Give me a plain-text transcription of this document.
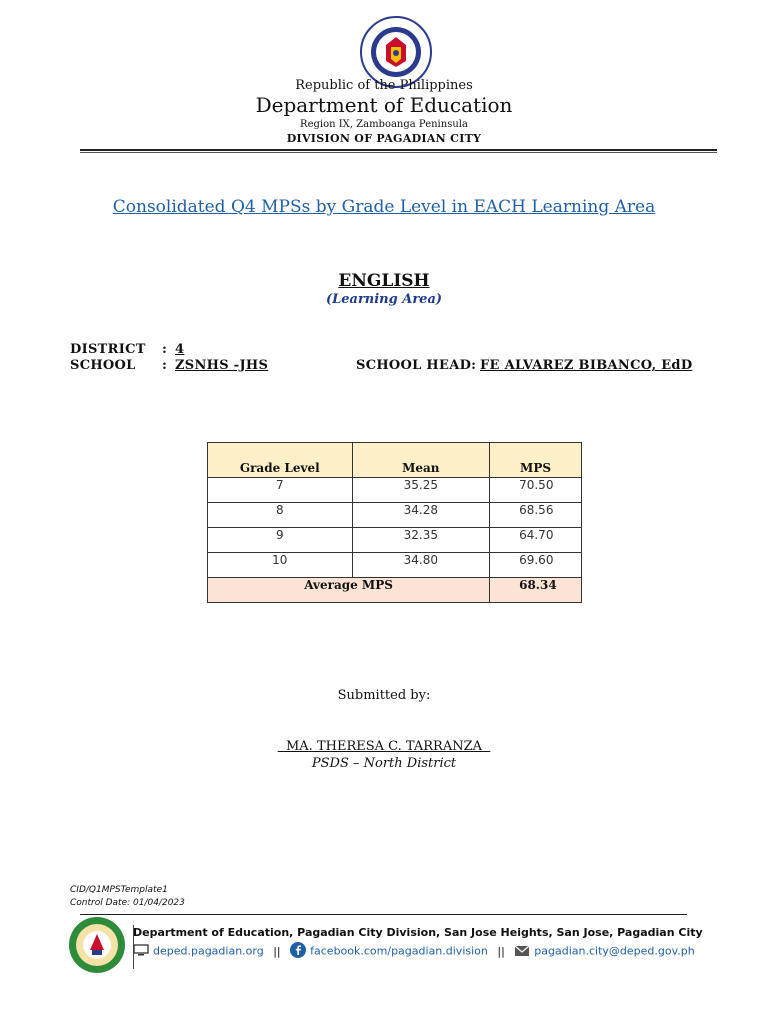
Republic of the Philippines
Department of Education
Region IX, Zamboanga Peninsula
DIVISION OF PAGADIAN CITY
Consolidated Q4 MPSs by Grade Level in EACH Learning Area
ENGLISH
(Learning Area)
DISTRICT : 4
SCHOOL : ZSNHS -JHS	SCHOOL HEAD: FE ALVAREZ BIBANCO, EdD
Grade Level	Mean	MPS
7	35.25	70.50
8	34.28	68.56
9	32.35	64.70
10	34.80	69.60
Average MPS		68.34
Submitted by:
MA. THERESA C. TARRANZA
PSDS – North District
CID/Q1MPSTemplate1
Control Date: 01/04/2023
Department of Education, Pagadian City Division, San Jose Heights, San Jose, Pagadian City
deped.pagadian.org ||	facebook.com/pagadian.division ||	pagadian.city@deped.gov.ph
